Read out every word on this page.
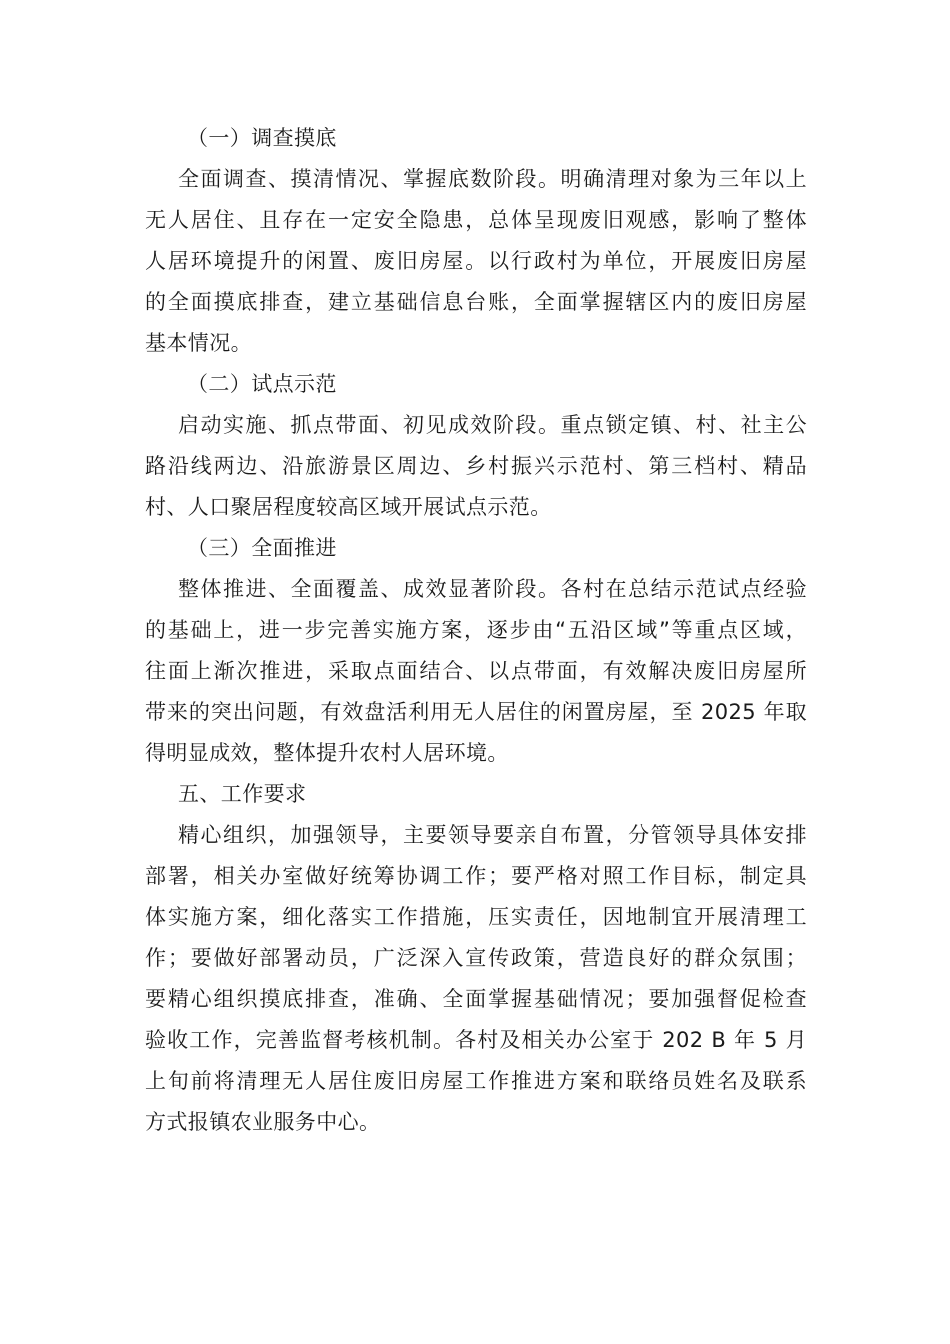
（一）调查摸底
全面调查、摸清情况、掌握底数阶段。明确清理对象为三年以上
无人居住、且存在一定安全隐患，总体呈现废旧观感，影响了整体
人居环境提升的闲置、废旧房屋。以行政村为单位，开展废旧房屋
的全面摸底排查，建立基础信息台账，全面掌握辖区内的废旧房屋
基本情况。
（二）试点示范
启动实施、抓点带面、初见成效阶段。重点锁定镇、村、社主公
路沿线两边、沿旅游景区周边、乡村振兴示范村、第三档村、精品
村、人口聚居程度较高区域开展试点示范。
（三）全面推进
整体推进、全面覆盖、成效显著阶段。各村在总结示范试点经验
的基础上，进一步完善实施方案，逐步由“五沿区域”等重点区域，
往面上渐次推进，采取点面结合、以点带面，有效解决废旧房屋所
带来的突出问题，有效盘活利用无人居住的闲置房屋，至 2025 年取
得明显成效，整体提升农村人居环境。
五、工作要求
精心组织，加强领导，主要领导要亲自布置，分管领导具体安排
部署，相关办室做好统筹协调工作；要严格对照工作目标，制定具
体实施方案，细化落实工作措施，压实责任，因地制宜开展清理工
作；要做好部署动员，广泛深入宣传政策，营造良好的群众氛围；
要精心组织摸底排查，准确、全面掌握基础情况；要加强督促检查
验收工作，完善监督考核机制。各村及相关办公室于 202 B 年 5 月
上旬前将清理无人居住废旧房屋工作推进方案和联络员姓名及联系
方式报镇农业服务中心。
